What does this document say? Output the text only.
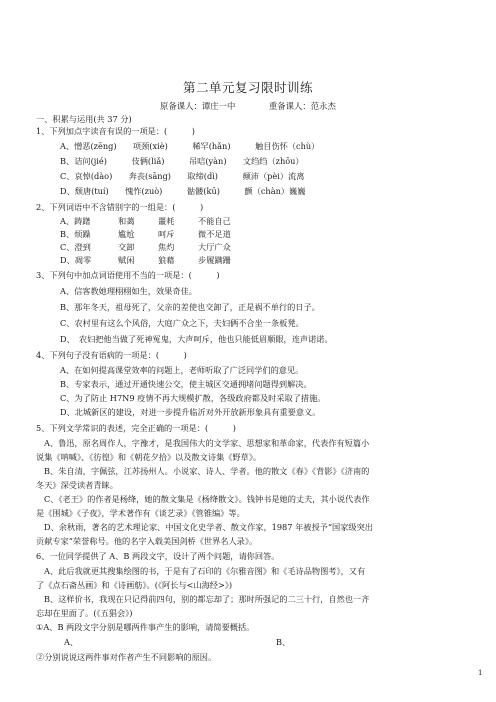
第二单元复习限时训练
原备课人：谭庄一中　　　　重备课人：范永杰
一、积累与运用(共 37 分)
1、下列加点字读音有误的一项是：(　　　)
A、憎恶(zēng)　　项颈(xiè)　　　稀罕(hǎn)　　　触目伤怀（chù）
B、诘问(jié)　　　伎俩(liǎ)　　　吊唁(yàn)　　文绉绉（zhōu）
C、哀悼(dào)　　奔丧(sāng)　　取缔(dì)　　　颠沛（pèi）流离
D、颓唐(tuí)　　愧怍(zuò)　　　骷髅(kū)　　　颤（chàn）巍巍
2、下列词语中不含错别字的一组是：(　　　)
A、踌躇	和蔼	噩耗	不能自己
B、烦躁	尴尬	呵斥	微不足道
C、澄到	交卸	焦灼	大厅广众
D、凋零	赋闲	狼藉	步履蹒跚
3、下列句中加点词语使用不当的一项是：(　　　)
A、信客教她理栩栩如生，效果奇佳。
B、那年冬天，祖母死了，父亲的差使也交卸了，正是祸不单行的日子。
C、农村里有这么个风俗，大庭广众之下，夫妇俩不合坐一条板凳。
D、　农妇把他当做了死神冤鬼，大声呵斥，他也只能低眉顺眼，连声诺诺。
4、下列句子没有语病的一项是：(　　　)
A、在如何提高课堂效率的问题上，老师听取了广泛同学们的意见。
B、专家表示，通过开通快速公交，使主城区交通拥堵问题得到解决。
C、为了防止 H7N9 疫情不再大规模扩散，各级政府都及时采取了措施。
D、北城新区的建设，对进一步提升临沂对外开放新形象具有重要意义。
5、下列文学常识的表述，完全正确的一项是：(　　　)
A、鲁迅，原名周作人，字豫才，是我国伟大的文学家、思想家和革命家，代表作有短篇小
说集《呐喊》、《彷徨》和《朝花夕拾》以及散文诗集《野草》。
B、朱自清，字佩弦，江苏扬州人。小说家、诗人、学者。他的散文《春》《背影》《济南的
冬天》深受读者青睐。
C、《老王》的作者是杨绛，她的散文集是《杨绛散文》。钱钟书是她的丈夫，其小说代表作
是《围城》《子夜》，学术著作有《谈艺录》《管锥编》等。
D、余秋雨，著名的艺术理论家、中国文化史学者、散文作家，1987 年被授予“国家级突出
贡献专家”荣誉称号。他的名字入载美国剑桥《世界名人录》。
6、一位同学提供了 A、B 两段文字，设计了两个问题，请你回答。
A、此后我就更其搜集绘图的书，于是有了石印的《尔雅音图》和《毛诗品物图考》，又有
了《点石斋丛画》和《诗画舫》。(《阿长与<山海经>》)
B、这样价书，我现在只记得前四句，别的都忘却了；那时所强记的二三十行，自然也一齐
忘却在里面了。(《五猖会》)
①A、B 两段文字分别是哪两件事产生的影响，请简要概括。
A、	B、
②分别说说这两件事对作者产生不同影响的原因。
1
